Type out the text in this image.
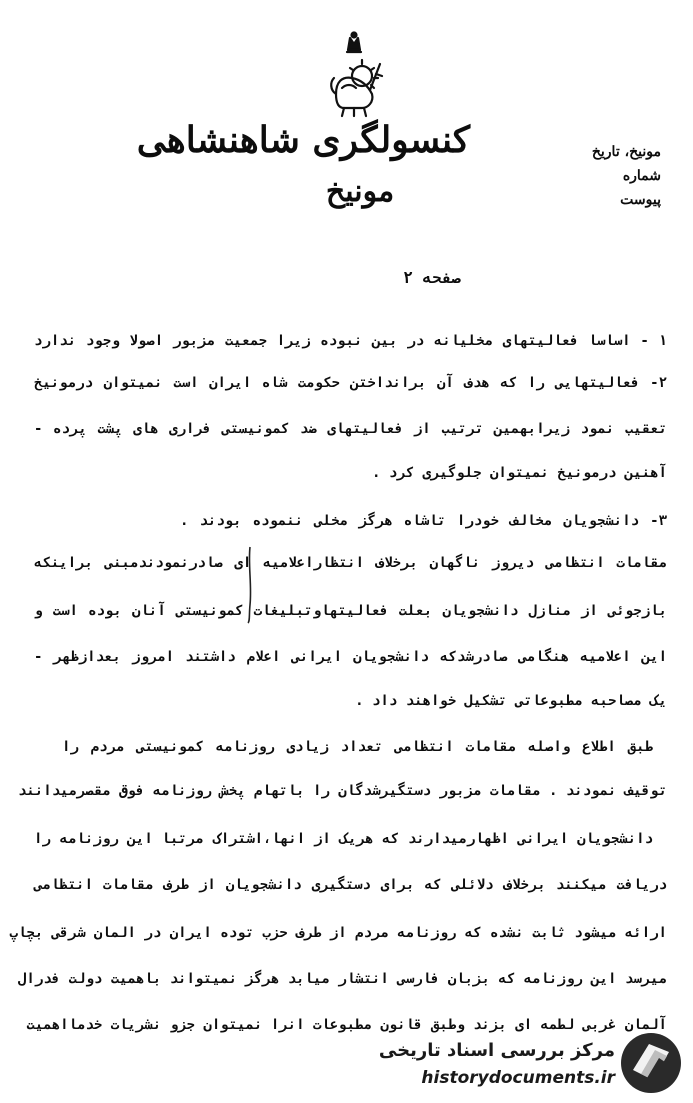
کنسولگری شاهنشاهی
مونیخ
مونیخ، تاریخ
شماره
پیوست
صفحه ۲
۱ - اساسا فعالیتهای مخلیانه در بین نبوده زیرا جمعیت مزبور اصولا وجود ندارد
۲- فعالیتهایی را که هدف آن برانداختن حکومت شاه ایران است نمیتوان درمونیخ
تعقیب نمود زیرابهمین ترتیب از فعالیتهای ضد کمونیستی فراری های پشت پرده -
آهنین درمونیخ نمیتوان جلوگیری کرد .
۳- دانشجویان مخالف خودرا تاشاه هرگز مخلی ننموده بودند .
مقامات انتظامی دیروز ناگهان برخلاف انتظاراعلامیه ای صادرنمودندمبنی براینکه
بازجوئی از منازل دانشجویان بعلت فعالیتهاوتبلیغات کمونیستی آنان بوده است و
این اعلامیه هنگامی صادرشدکه دانشجویان ایرانی اعلام داشتند امروز بعدازظهر -
یک مصاحبه مطبوعاتی تشکیل خواهند داد .
طبق اطلاع واصله مقامات انتظامی تعداد زیادی روزنامه کمونیستی مردم را
توقیف نمودند . مقامات مزبور دستگیرشدگان را باتهام پخش روزنامه فوق مقصرمیدانند
دانشجویان ایرانی اظهارمیدارند که هریک از انها،اشتراک مرتبا این روزنامه را
دریافت میکنند برخلاف دلائلی که برای دستگیری دانشجویان از طرف مقامات انتظامی
ارائه میشود ثابت نشده که روزنامه مردم از طرف حزب توده ایران در المان شرقی بچاپ
میرسد این روزنامه که بزبان فارسی انتشار میابد هرگز نمیتواند باهمیت دولت فدرال
آلمان غربی لطمه ای بزند وطبق قانون مطبوعات انرا نمیتوان جزو نشریات خدمااهمیت
مرکز بررسی اسناد تاریخی
historydocuments.ir
